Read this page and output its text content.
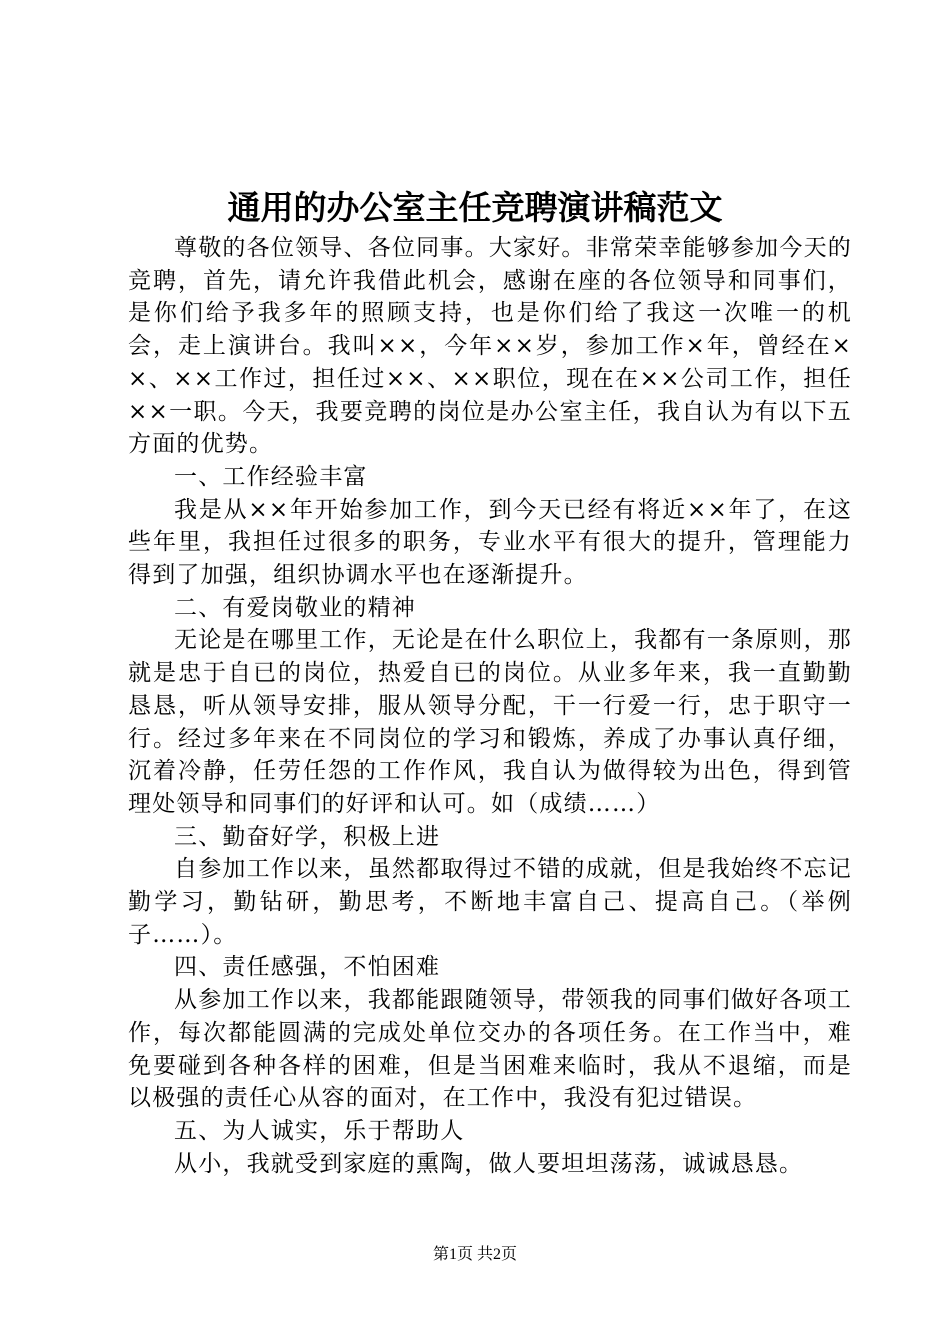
通用的办公室主任竞聘演讲稿范文

尊敬的各位领导、各位同事。大家好。非常荣幸能够参加今天的竞聘，首先，请允许我借此机会，感谢在座的各位领导和同事们，是你们给予我多年的照顾支持，也是你们给了我这一次唯一的机会，走上演讲台。我叫××，今年××岁，参加工作×年，曾经在××、××工作过，担任过××、××职位，现在在××公司工作，担任××一职。今天，我要竞聘的岗位是办公室主任，我自认为有以下五方面的优势。

一、工作经验丰富

我是从××年开始参加工作，到今天已经有将近××年了，在这些年里，我担任过很多的职务，专业水平有很大的提升，管理能力得到了加强，组织协调水平也在逐渐提升。

二、有爱岗敬业的精神

无论是在哪里工作，无论是在什么职位上，我都有一条原则，那就是忠于自已的岗位，热爱自已的岗位。从业多年来，我一直勤勤恳恳，听从领导安排，服从领导分配，干一行爱一行，忠于职守一行。经过多年来在不同岗位的学习和锻炼，养成了办事认真仔细，沉着冷静，任劳任怨的工作作风，我自认为做得较为出色，得到管理处领导和同事们的好评和认可。如（成绩……）

三、勤奋好学，积极上进

自参加工作以来，虽然都取得过不错的成就，但是我始终不忘记勤学习，勤钻研，勤思考，不断地丰富自己、提高自己。（举例子……）。

四、责任感强，不怕困难

从参加工作以来，我都能跟随领导，带领我的同事们做好各项工作，每次都能圆满的完成处单位交办的各项任务。在工作当中，难免要碰到各种各样的困难，但是当困难来临时，我从不退缩，而是以极强的责任心从容的面对，在工作中，我没有犯过错误。

五、为人诚实，乐于帮助人

从小，我就受到家庭的熏陶，做人要坦坦荡荡，诚诚恳恳。

第1页 共2页
